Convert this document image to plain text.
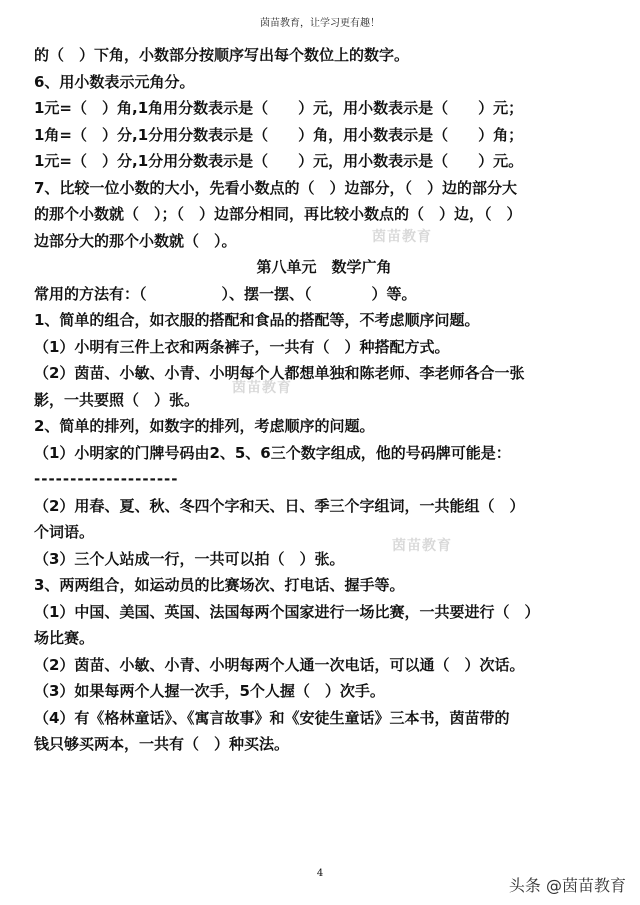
茵苗教育，让学习更有趣！
的（　）下角，小数部分按顺序写出每个数位上的数字。
6、用小数表示元角分。
1元=（　）角,1角用分数表示是（　　）元，用小数表示是（　　）元；
1角=（　）分,1分用分数表示是（　　）角，用小数表示是（　　）角；
1元=（　）分,1分用分数表示是（　　）元，用小数表示是（　　）元。
7、比较一位小数的大小，先看小数点的（　）边部分，（　）边的部分大
的那个小数就（　）；（　）边部分相同，再比较小数点的（　）边，（　）
边部分大的那个小数就（　）。
第八单元　数学广角
常用的方法有：（　　　　　）、摆一摆、（　　　　）等。
1、简单的组合，如衣服的搭配和食品的搭配等，不考虑顺序问题。
（1）小明有三件上衣和两条裤子，一共有（　）种搭配方式。
（2）茵苗、小敏、小青、小明每个人都想单独和陈老师、李老师各合一张
影，一共要照（　）张。
2、简单的排列，如数字的排列，考虑顺序的问题。
（1）小明家的门牌号码由2、5、6三个数字组成，他的号码牌可能是：
--------------------
（2）用春、夏、秋、冬四个字和天、日、季三个字组词，一共能组（　）
个词语。
（3）三个人站成一行，一共可以拍（　）张。
3、两两组合，如运动员的比赛场次、打电话、握手等。
（1）中国、美国、英国、法国每两个国家进行一场比赛，一共要进行（　）
场比赛。
（2）茵苗、小敏、小青、小明每两个人通一次电话，可以通（　）次话。
（3）如果每两个人握一次手，5个人握（　）次手。
（4）有《格林童话》、《寓言故事》和《安徒生童话》三本书，茵苗带的
钱只够买两本，一共有（　）种买法。
茵苗教育
茵苗教育
茵苗教育
4
头条 @茵苗教育
